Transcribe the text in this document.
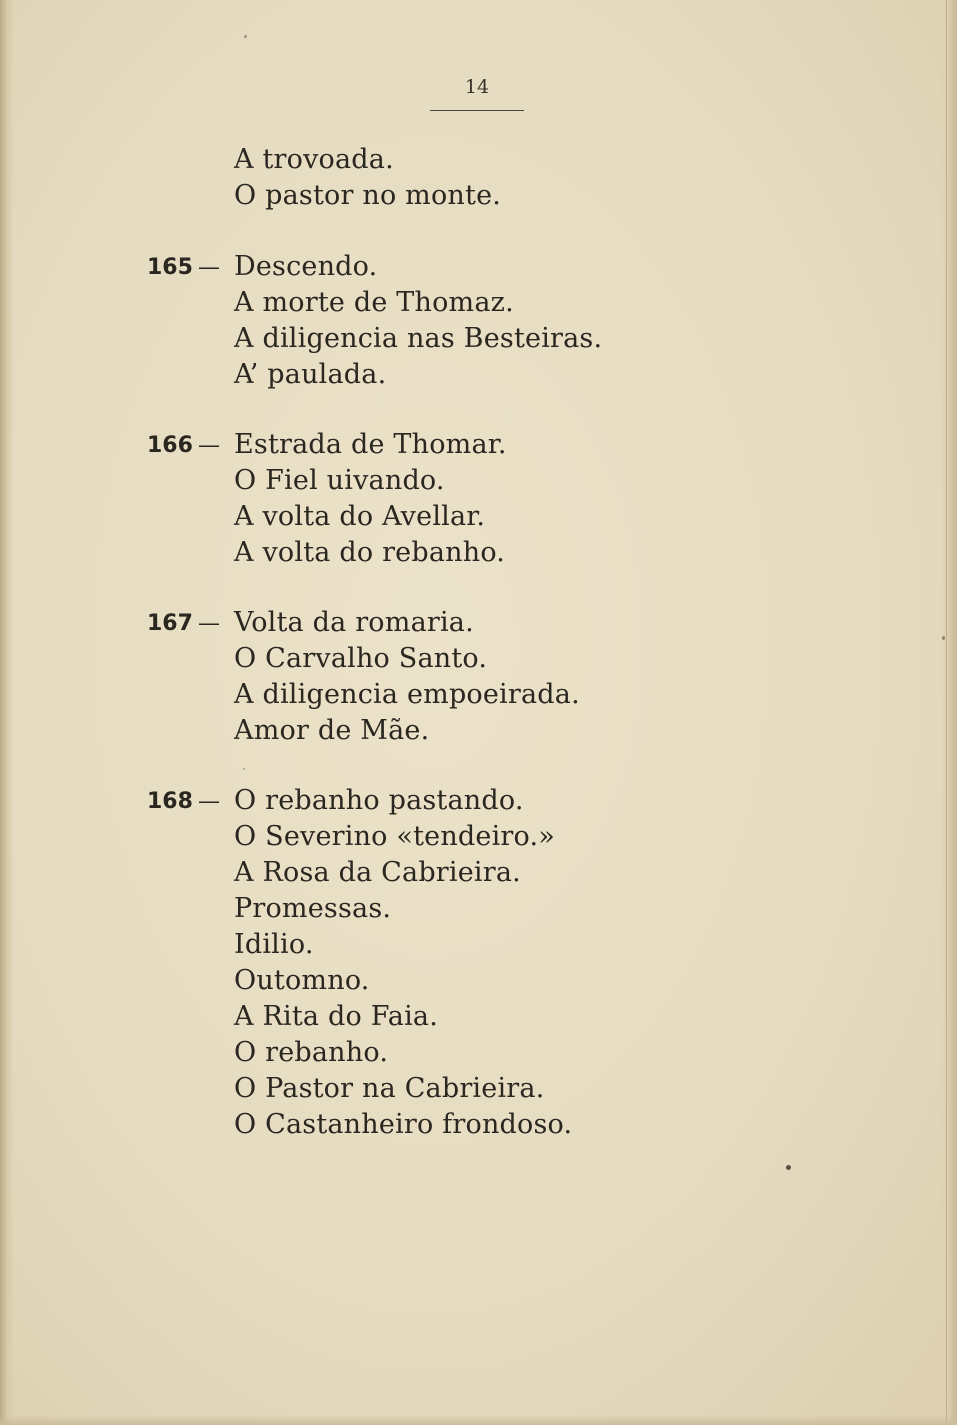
14
A trovoada.
O pastor no monte.
165 — Descendo.
A morte de Thomaz.
A diligencia nas Besteiras.
A’ paulada.
166 — Estrada de Thomar.
O Fiel uivando.
A volta do Avellar.
A volta do rebanho.
167 — Volta da romaria.
O Carvalho Santo.
A diligencia empoeirada.
Amor de Mãe.
168 — O rebanho pastando.
O Severino «tendeiro.»
A Rosa da Cabrieira.
Promessas.
Idilio.
Outomno.
A Rita do Faia.
O rebanho.
O Pastor na Cabrieira.
O Castanheiro frondoso.
